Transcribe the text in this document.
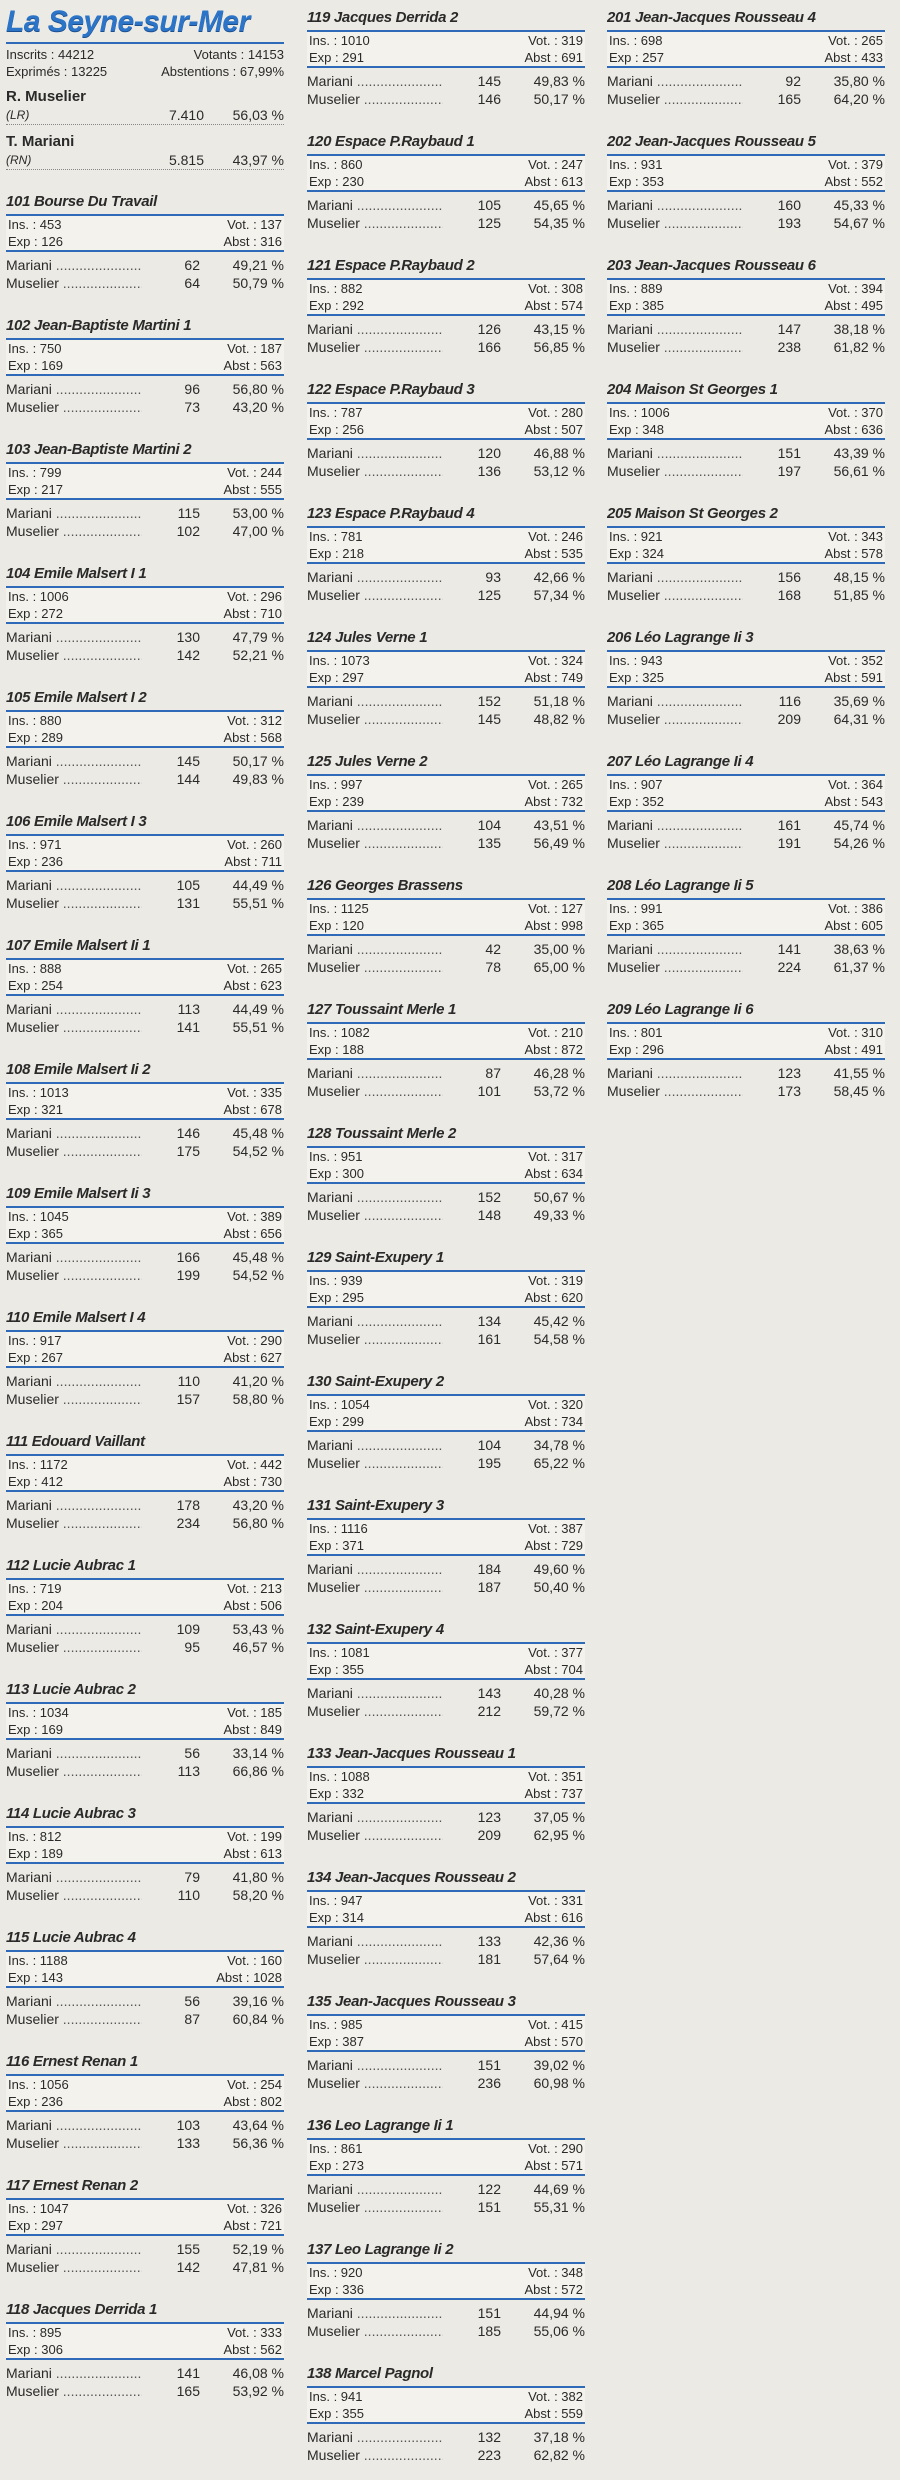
La Seyne-sur-Mer
Inscrits : 44212	Votants : 14153
Exprimés : 13225	Abstentions : 67,99%
R. Muselier
(LR)	7.410	56,03 %
T. Mariani
(RN)	5.815	43,97 %
101 Bourse Du Travail
Ins. : 453	Vot. : 137
Exp : 126	Abst : 316
Mariani .....	62	49,21 %
Muselier .....	64	50,79 %
102 Jean-Baptiste Martini 1
Ins. : 750	Vot. : 187
Exp : 169	Abst : 563
Mariani .....	96	56,80 %
Muselier .....	73	43,20 %
103 Jean-Baptiste Martini 2
Ins. : 799	Vot. : 244
Exp : 217	Abst : 555
Mariani .....	115	53,00 %
Muselier .....	102	47,00 %
104 Emile Malsert I 1
Ins. : 1006	Vot. : 296
Exp : 272	Abst : 710
Mariani .....	130	47,79 %
Muselier .....	142	52,21 %
105 Emile Malsert I 2
Ins. : 880	Vot. : 312
Exp : 289	Abst : 568
Mariani .....	145	50,17 %
Muselier .....	144	49,83 %
106 Emile Malsert I 3
Ins. : 971	Vot. : 260
Exp : 236	Abst : 711
Mariani .....	105	44,49 %
Muselier .....	131	55,51 %
107 Emile Malsert Ii 1
Ins. : 888	Vot. : 265
Exp : 254	Abst : 623
Mariani .....	113	44,49 %
Muselier .....	141	55,51 %
108 Emile Malsert Ii 2
Ins. : 1013	Vot. : 335
Exp : 321	Abst : 678
Mariani .....	146	45,48 %
Muselier .....	175	54,52 %
109 Emile Malsert Ii 3
Ins. : 1045	Vot. : 389
Exp : 365	Abst : 656
Mariani .....	166	45,48 %
Muselier .....	199	54,52 %
110 Emile Malsert I 4
Ins. : 917	Vot. : 290
Exp : 267	Abst : 627
Mariani .....	110	41,20 %
Muselier .....	157	58,80 %
111 Edouard Vaillant
Ins. : 1172	Vot. : 442
Exp : 412	Abst : 730
Mariani .....	178	43,20 %
Muselier .....	234	56,80 %
112 Lucie Aubrac 1
Ins. : 719	Vot. : 213
Exp : 204	Abst : 506
Mariani .....	109	53,43 %
Muselier .....	95	46,57 %
113 Lucie Aubrac 2
Ins. : 1034	Vot. : 185
Exp : 169	Abst : 849
Mariani .....	56	33,14 %
Muselier .....	113	66,86 %
114 Lucie Aubrac 3
Ins. : 812	Vot. : 199
Exp : 189	Abst : 613
Mariani .....	79	41,80 %
Muselier .....	110	58,20 %
115 Lucie Aubrac 4
Ins. : 1188	Vot. : 160
Exp : 143	Abst : 1028
Mariani .....	56	39,16 %
Muselier .....	87	60,84 %
116 Ernest Renan 1
Ins. : 1056	Vot. : 254
Exp : 236	Abst : 802
Mariani .....	103	43,64 %
Muselier .....	133	56,36 %
117 Ernest Renan 2
Ins. : 1047	Vot. : 326
Exp : 297	Abst : 721
Mariani .....	155	52,19 %
Muselier .....	142	47,81 %
118 Jacques Derrida 1
Ins. : 895	Vot. : 333
Exp : 306	Abst : 562
Mariani .....	141	46,08 %
Muselier .....	165	53,92 %
119 Jacques Derrida 2
Ins. : 1010	Vot. : 319
Exp : 291	Abst : 691
Mariani .....	145	49,83 %
Muselier .....	146	50,17 %
120 Espace P.Raybaud 1
Ins. : 860	Vot. : 247
Exp : 230	Abst : 613
Mariani .....	105	45,65 %
Muselier .....	125	54,35 %
121 Espace P.Raybaud 2
Ins. : 882	Vot. : 308
Exp : 292	Abst : 574
Mariani .....	126	43,15 %
Muselier .....	166	56,85 %
122 Espace P.Raybaud 3
Ins. : 787	Vot. : 280
Exp : 256	Abst : 507
Mariani .....	120	46,88 %
Muselier .....	136	53,12 %
123 Espace P.Raybaud 4
Ins. : 781	Vot. : 246
Exp : 218	Abst : 535
Mariani .....	93	42,66 %
Muselier .....	125	57,34 %
124 Jules Verne 1
Ins. : 1073	Vot. : 324
Exp : 297	Abst : 749
Mariani .....	152	51,18 %
Muselier .....	145	48,82 %
125 Jules Verne 2
Ins. : 997	Vot. : 265
Exp : 239	Abst : 732
Mariani .....	104	43,51 %
Muselier .....	135	56,49 %
126 Georges Brassens
Ins. : 1125	Vot. : 127
Exp : 120	Abst : 998
Mariani .....	42	35,00 %
Muselier .....	78	65,00 %
127 Toussaint Merle 1
Ins. : 1082	Vot. : 210
Exp : 188	Abst : 872
Mariani .....	87	46,28 %
Muselier .....	101	53,72 %
128 Toussaint Merle 2
Ins. : 951	Vot. : 317
Exp : 300	Abst : 634
Mariani .....	152	50,67 %
Muselier .....	148	49,33 %
129 Saint-Exupery 1
Ins. : 939	Vot. : 319
Exp : 295	Abst : 620
Mariani .....	134	45,42 %
Muselier .....	161	54,58 %
130 Saint-Exupery 2
Ins. : 1054	Vot. : 320
Exp : 299	Abst : 734
Mariani .....	104	34,78 %
Muselier .....	195	65,22 %
131 Saint-Exupery 3
Ins. : 1116	Vot. : 387
Exp : 371	Abst : 729
Mariani .....	184	49,60 %
Muselier .....	187	50,40 %
132 Saint-Exupery 4
Ins. : 1081	Vot. : 377
Exp : 355	Abst : 704
Mariani .....	143	40,28 %
Muselier .....	212	59,72 %
133 Jean-Jacques Rousseau 1
Ins. : 1088	Vot. : 351
Exp : 332	Abst : 737
Mariani .....	123	37,05 %
Muselier .....	209	62,95 %
134 Jean-Jacques Rousseau 2
Ins. : 947	Vot. : 331
Exp : 314	Abst : 616
Mariani .....	133	42,36 %
Muselier .....	181	57,64 %
135 Jean-Jacques Rousseau 3
Ins. : 985	Vot. : 415
Exp : 387	Abst : 570
Mariani .....	151	39,02 %
Muselier .....	236	60,98 %
136 Leo Lagrange Ii 1
Ins. : 861	Vot. : 290
Exp : 273	Abst : 571
Mariani .....	122	44,69 %
Muselier .....	151	55,31 %
137 Leo Lagrange Ii 2
Ins. : 920	Vot. : 348
Exp : 336	Abst : 572
Mariani .....	151	44,94 %
Muselier .....	185	55,06 %
138 Marcel Pagnol
Ins. : 941	Vot. : 382
Exp : 355	Abst : 559
Mariani .....	132	37,18 %
Muselier .....	223	62,82 %
201 Jean-Jacques Rousseau 4
Ins. : 698	Vot. : 265
Exp : 257	Abst : 433
Mariani .....	92	35,80 %
Muselier .....	165	64,20 %
202 Jean-Jacques Rousseau 5
Ins. : 931	Vot. : 379
Exp : 353	Abst : 552
Mariani .....	160	45,33 %
Muselier .....	193	54,67 %
203 Jean-Jacques Rousseau 6
Ins. : 889	Vot. : 394
Exp : 385	Abst : 495
Mariani .....	147	38,18 %
Muselier .....	238	61,82 %
204 Maison St Georges 1
Ins. : 1006	Vot. : 370
Exp : 348	Abst : 636
Mariani .....	151	43,39 %
Muselier .....	197	56,61 %
205 Maison St Georges 2
Ins. : 921	Vot. : 343
Exp : 324	Abst : 578
Mariani .....	156	48,15 %
Muselier .....	168	51,85 %
206 Léo Lagrange Ii 3
Ins. : 943	Vot. : 352
Exp : 325	Abst : 591
Mariani .....	116	35,69 %
Muselier .....	209	64,31 %
207 Léo Lagrange Ii 4
Ins. : 907	Vot. : 364
Exp : 352	Abst : 543
Mariani .....	161	45,74 %
Muselier .....	191	54,26 %
208 Léo Lagrange Ii 5
Ins. : 991	Vot. : 386
Exp : 365	Abst : 605
Mariani .....	141	38,63 %
Muselier .....	224	61,37 %
209 Léo Lagrange Ii 6
Ins. : 801	Vot. : 310
Exp : 296	Abst : 491
Mariani .....	123	41,55 %
Muselier .....	173	58,45 %
